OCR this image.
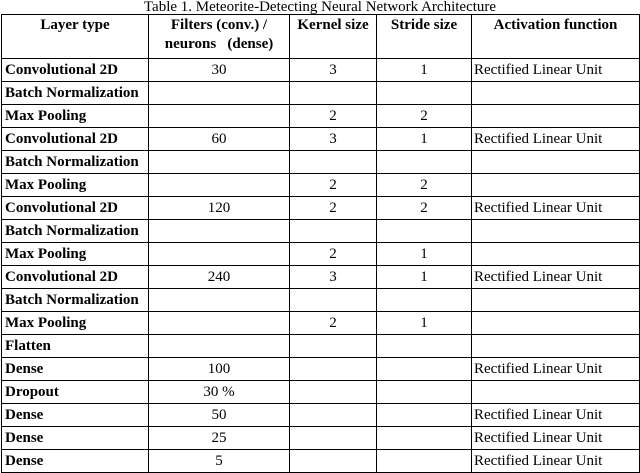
Table 1. Meteorite-Detecting Neural Network Architecture

Layer type	Filters (conv.) /
neurons   (dense)	Kernel size	Stride size	Activation function
Convolutional 2D	30	3	1	Rectified Linear Unit
Batch Normalization				
Max Pooling		2	2	
Convolutional 2D	60	3	1	Rectified Linear Unit
Batch Normalization				
Max Pooling		2	2	
Convolutional 2D	120	2	2	Rectified Linear Unit
Batch Normalization				
Max Pooling		2	1	
Convolutional 2D	240	3	1	Rectified Linear Unit
Batch Normalization				
Max Pooling		2	1	
Flatten				
Dense	100			Rectified Linear Unit
Dropout	30 %			
Dense	50			Rectified Linear Unit
Dense	25			Rectified Linear Unit
Dense	5			Rectified Linear Unit
